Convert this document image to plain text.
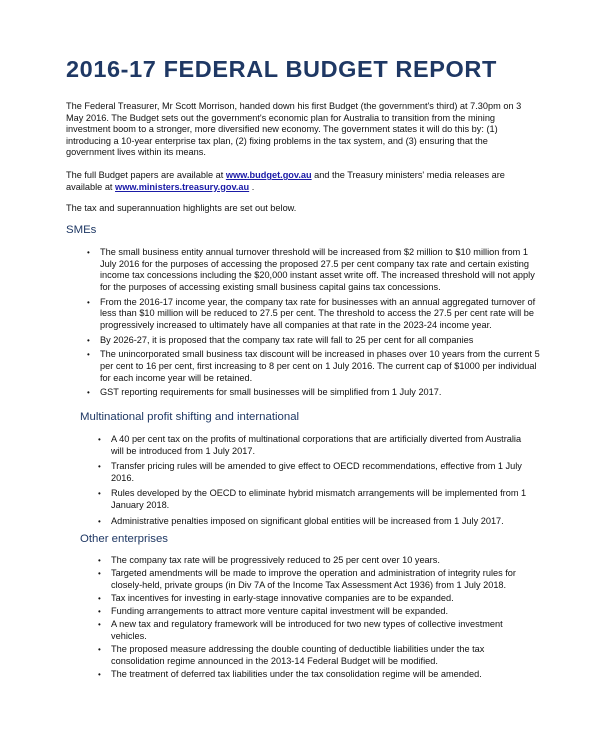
2016-17 FEDERAL BUDGET REPORT

The Federal Treasurer, Mr Scott Morrison, handed down his first Budget (the government's third) at 7.30pm on 3 May 2016. The Budget sets out the government's economic plan for Australia to transition from the mining investment boom to a stronger, more diversified new economy. The government states it will do this by: (1) introducing a 10-year enterprise tax plan, (2) fixing problems in the tax system, and (3) ensuring that the government lives within its means.

The full Budget papers are available at www.budget.gov.au and the Treasury ministers' media releases are available at www.ministers.treasury.gov.au .

The tax and superannuation highlights are set out below.

SMEs
• The small business entity annual turnover threshold will be increased from $2 million to $10 million from 1 July 2016 for the purposes of accessing the proposed 27.5 per cent company tax rate and certain existing income tax concessions including the $20,000 instant asset write off. The increased threshold will not apply for the purposes of accessing existing small business capital gains tax concessions.
• From the 2016-17 income year, the company tax rate for businesses with an annual aggregated turnover of less than $10 million will be reduced to 27.5 per cent. The threshold to access the 27.5 per cent rate will be progressively increased to ultimately have all companies at that rate in the 2023-24 income year.
• By 2026-27, it is proposed that the company tax rate will fall to 25 per cent for all companies
• The unincorporated small business tax discount will be increased in phases over 10 years from the current 5 per cent to 16 per cent, first increasing to 8 per cent on 1 July 2016. The current cap of $1000 per individual for each income year will be retained.
• GST reporting requirements for small businesses will be simplified from 1 July 2017.
Multinational profit shifting and international
• A 40 per cent tax on the profits of multinational corporations that are artificially diverted from Australia will be introduced from 1 July 2017.
• Transfer pricing rules will be amended to give effect to OECD recommendations, effective from 1 July 2016.
• Rules developed by the OECD to eliminate hybrid mismatch arrangements will be implemented from 1 January 2018.
• Administrative penalties imposed on significant global entities will be increased from 1 July 2017.
Other enterprises
• The company tax rate will be progressively reduced to 25 per cent over 10 years.
• Targeted amendments will be made to improve the operation and administration of integrity rules for closely-held, private groups (in Div 7A of the Income Tax Assessment Act 1936) from 1 July 2018.
• Tax incentives for investing in early-stage innovative companies are to be expanded.
• Funding arrangements to attract more venture capital investment will be expanded.
• A new tax and regulatory framework will be introduced for two new types of collective investment vehicles.
• The proposed measure addressing the double counting of deductible liabilities under the tax consolidation regime announced in the 2013-14 Federal Budget will be modified.
• The treatment of deferred tax liabilities under the tax consolidation regime will be amended.
